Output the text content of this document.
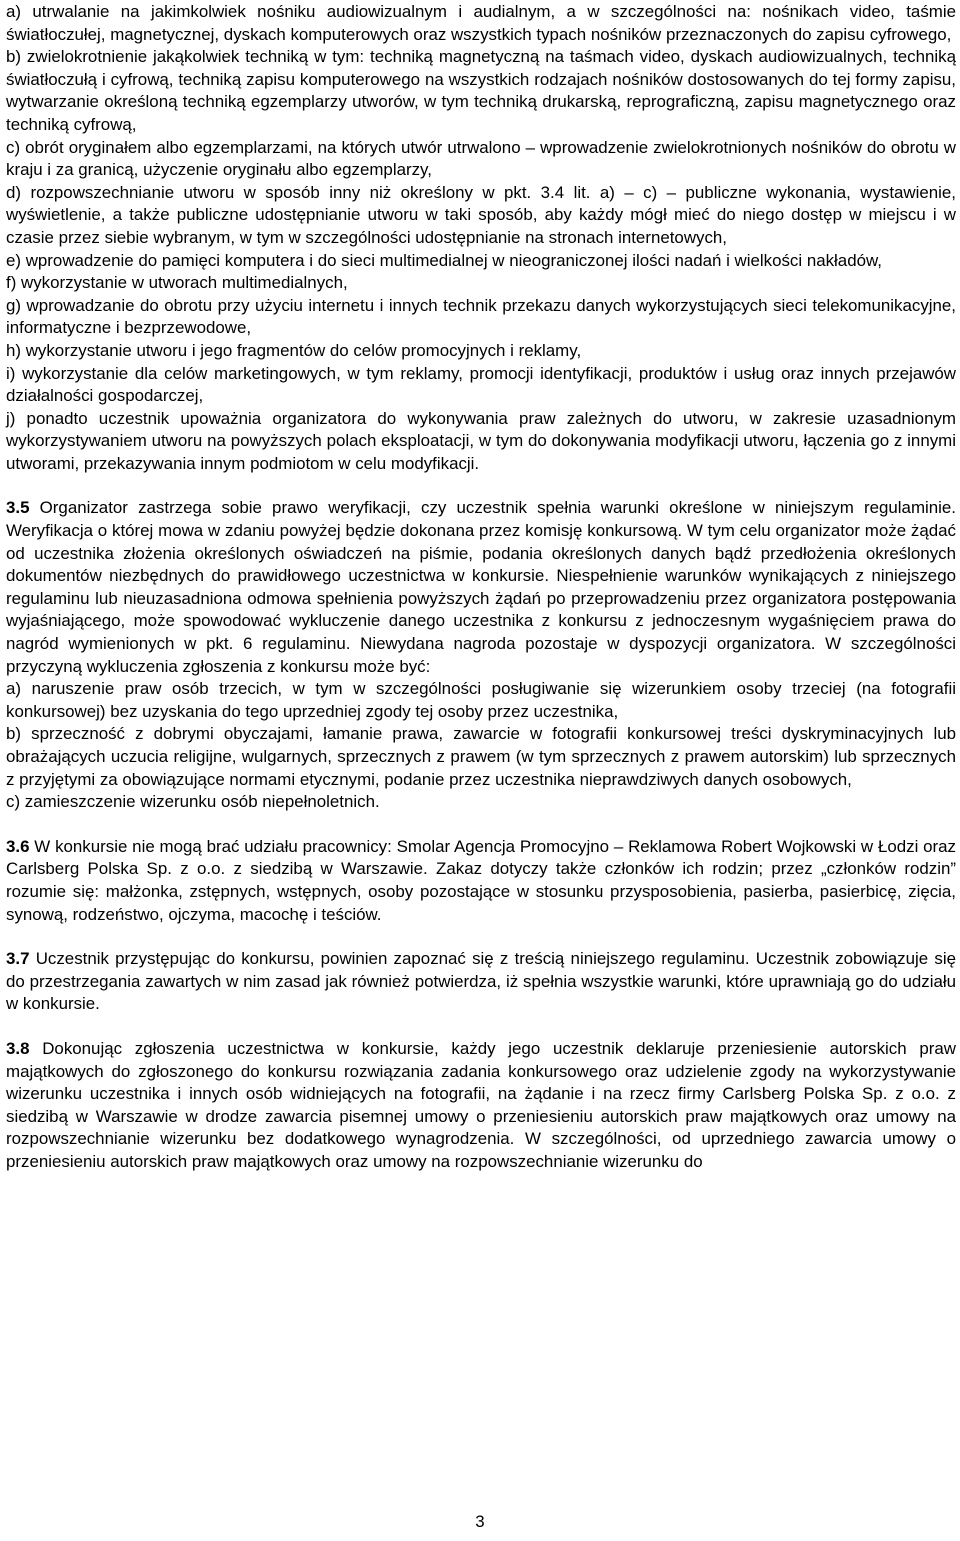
a) utrwalanie na jakimkolwiek nośniku audiowizualnym i audialnym, a w szczególności na: nośnikach video, taśmie światłoczułej, magnetycznej, dyskach komputerowych oraz wszystkich typach nośników przeznaczonych do zapisu cyfrowego,

b) zwielokrotnienie jakąkolwiek techniką w tym: techniką magnetyczną na taśmach video, dyskach audiowizualnych, techniką światłoczułą i cyfrową, techniką zapisu komputerowego na wszystkich rodzajach nośników dostosowanych do tej formy zapisu, wytwarzanie określoną techniką egzemplarzy utworów, w tym techniką drukarską, reprograficzną, zapisu magnetycznego oraz techniką cyfrową,

c) obrót oryginałem albo egzemplarzami, na których utwór utrwalono – wprowadzenie zwielokrotnionych nośników do obrotu w kraju i za granicą, użyczenie oryginału albo egzemplarzy,

d) rozpowszechnianie utworu w sposób inny niż określony w pkt. 3.4 lit. a) – c) – publiczne wykonania, wystawienie, wyświetlenie, a także publiczne udostępnianie utworu w taki sposób, aby każdy mógł mieć do niego dostęp w miejscu i w czasie przez siebie wybranym, w tym w szczególności udostępnianie na stronach internetowych,

e) wprowadzenie do pamięci komputera i do sieci multimedialnej w nieograniczonej ilości nadań i wielkości nakładów,

f) wykorzystanie w utworach multimedialnych,

g) wprowadzanie do obrotu przy użyciu internetu i innych technik przekazu danych wykorzystujących sieci telekomunikacyjne, informatyczne i bezprzewodowe,

h) wykorzystanie utworu i jego fragmentów do celów promocyjnych i reklamy,

i) wykorzystanie dla celów marketingowych, w tym reklamy, promocji identyfikacji, produktów i usług oraz innych przejawów działalności gospodarczej,

j) ponadto uczestnik upoważnia organizatora do wykonywania praw zależnych do utworu, w zakresie uzasadnionym wykorzystywaniem utworu na powyższych polach eksploatacji, w tym do dokonywania modyfikacji utworu, łączenia go z innymi utworami, przekazywania innym podmiotom w celu modyfikacji.

3.5 Organizator zastrzega sobie prawo weryfikacji, czy uczestnik spełnia warunki określone w niniejszym regulaminie. Weryfikacja o której mowa w zdaniu powyżej będzie dokonana przez komisję konkursową. W tym celu organizator może żądać od uczestnika złożenia określonych oświadczeń na piśmie, podania określonych danych bądź przedłożenia określonych dokumentów niezbędnych do prawidłowego uczestnictwa w konkursie. Niespełnienie warunków wynikających z niniejszego regulaminu lub nieuzasadniona odmowa spełnienia powyższych żądań po przeprowadzeniu przez organizatora postępowania wyjaśniającego, może spowodować wykluczenie danego uczestnika z konkursu z jednoczesnym wygaśnięciem prawa do nagród wymienionych w pkt. 6 regulaminu. Niewydana nagroda pozostaje w dyspozycji organizatora. W szczególności przyczyną wykluczenia zgłoszenia z konkursu może być:

a) naruszenie praw osób trzecich, w tym w szczególności posługiwanie się wizerunkiem osoby trzeciej (na fotografii konkursowej) bez uzyskania do tego uprzedniej zgody tej osoby przez uczestnika,

b) sprzeczność z dobrymi obyczajami, łamanie prawa, zawarcie w fotografii konkursowej treści dyskryminacyjnych lub obrażających uczucia religijne, wulgarnych, sprzecznych z prawem (w tym sprzecznych z prawem autorskim) lub sprzecznych z przyjętymi za obowiązujące normami etycznymi, podanie przez uczestnika nieprawdziwych danych osobowych,

c) zamieszczenie wizerunku osób niepełnoletnich.

3.6 W konkursie nie mogą brać udziału pracownicy: Smolar Agencja Promocyjno – Reklamowa Robert Wojkowski w Łodzi oraz Carlsberg Polska Sp. z o.o. z siedzibą w Warszawie. Zakaz dotyczy także członków ich rodzin; przez „członków rodzin” rozumie się: małżonka, zstępnych, wstępnych, osoby pozostające w stosunku przysposobienia, pasierba, pasierbicę, zięcia, synową, rodzeństwo, ojczyma, macochę i teściów.

3.7 Uczestnik przystępując do konkursu, powinien zapoznać się z treścią niniejszego regulaminu. Uczestnik zobowiązuje się do przestrzegania zawartych w nim zasad jak również potwierdza, iż spełnia wszystkie warunki, które uprawniają go do udziału w konkursie.

3.8 Dokonując zgłoszenia uczestnictwa w konkursie, każdy jego uczestnik deklaruje przeniesienie autorskich praw majątkowych do zgłoszonego do konkursu rozwiązania zadania konkursowego oraz udzielenie zgody na wykorzystywanie wizerunku uczestnika i innych osób widniejących na fotografii, na żądanie i na rzecz firmy Carlsberg Polska Sp. z o.o. z siedzibą w Warszawie w drodze zawarcia pisemnej umowy o przeniesieniu autorskich praw majątkowych oraz umowy na rozpowszechnianie wizerunku bez dodatkowego wynagrodzenia. W szczególności, od uprzedniego zawarcia umowy o przeniesieniu autorskich praw majątkowych oraz umowy na rozpowszechnianie wizerunku do

3
